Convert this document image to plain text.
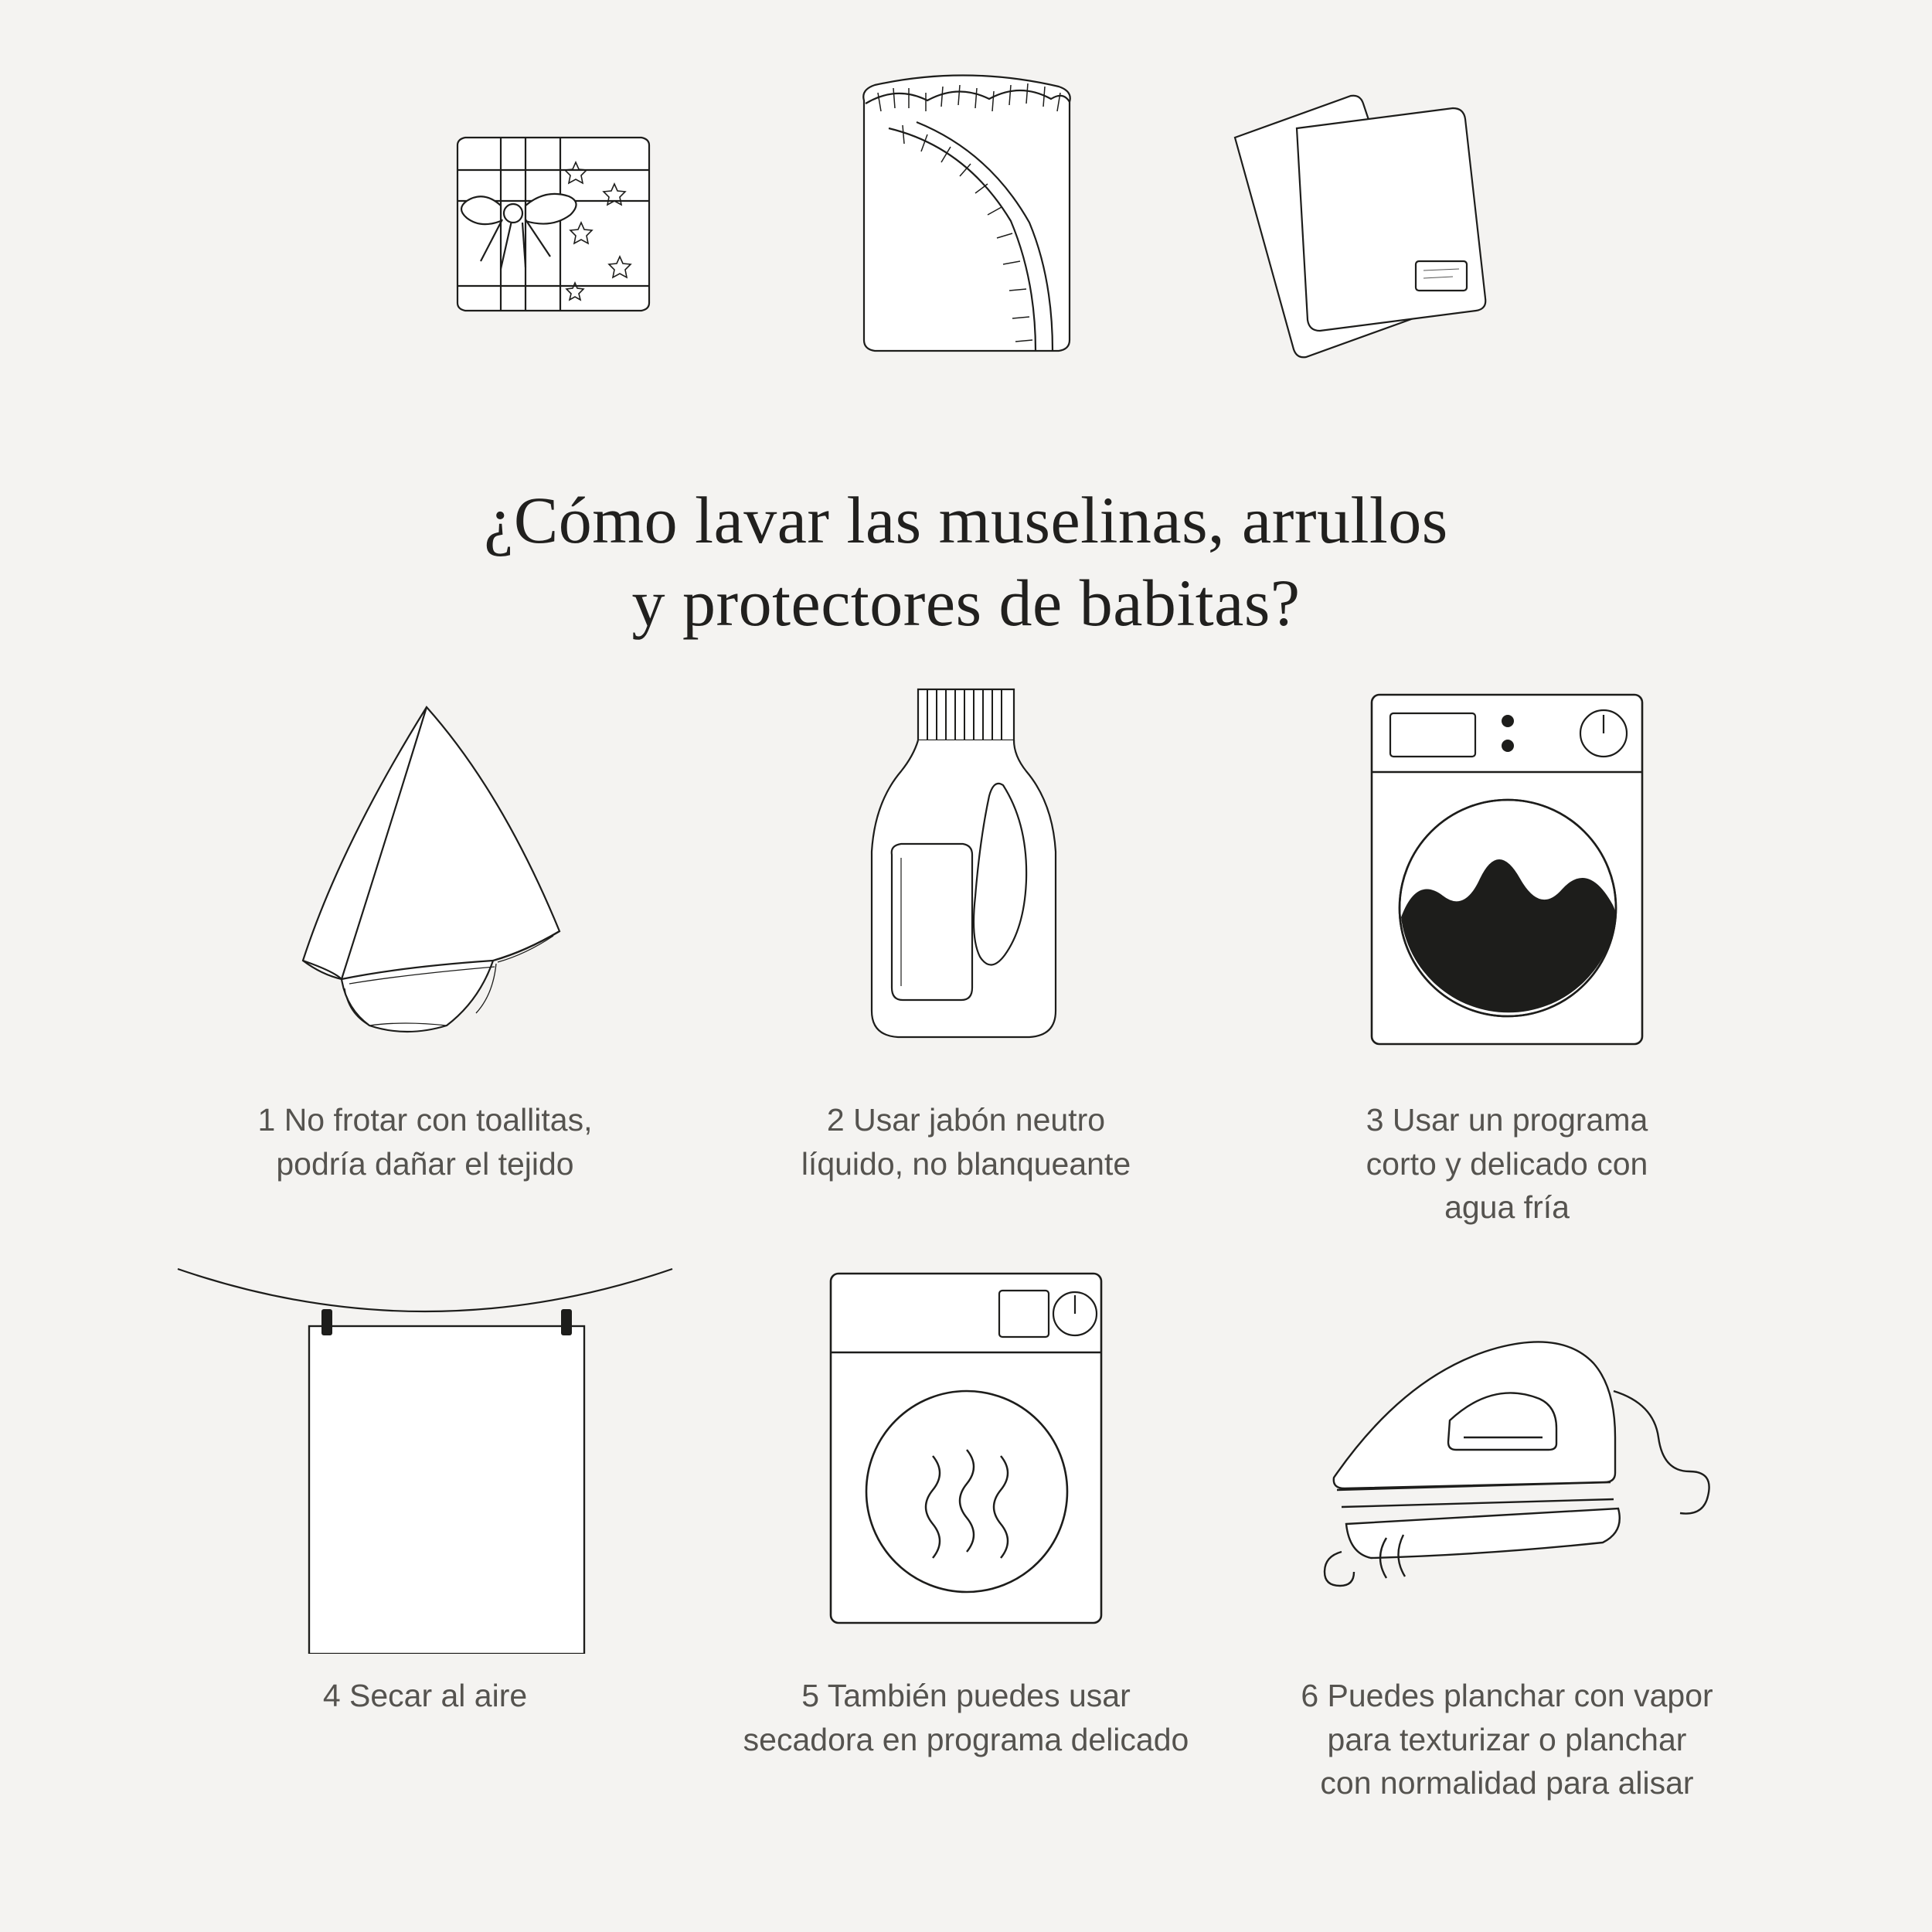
¿Cómo lavar las muselinas, arrullos
y protectores de babitas?
1 No frotar con toallitas,
podría dañar el tejido
2 Usar jabón neutro
líquido, no blanqueante
3 Usar un programa
corto y delicado con
agua fría
4 Secar al aire	5 También puedes usar
secadora en programa delicado
6 Puedes planchar con vapor
para texturizar o planchar
con normalidad para alisar
